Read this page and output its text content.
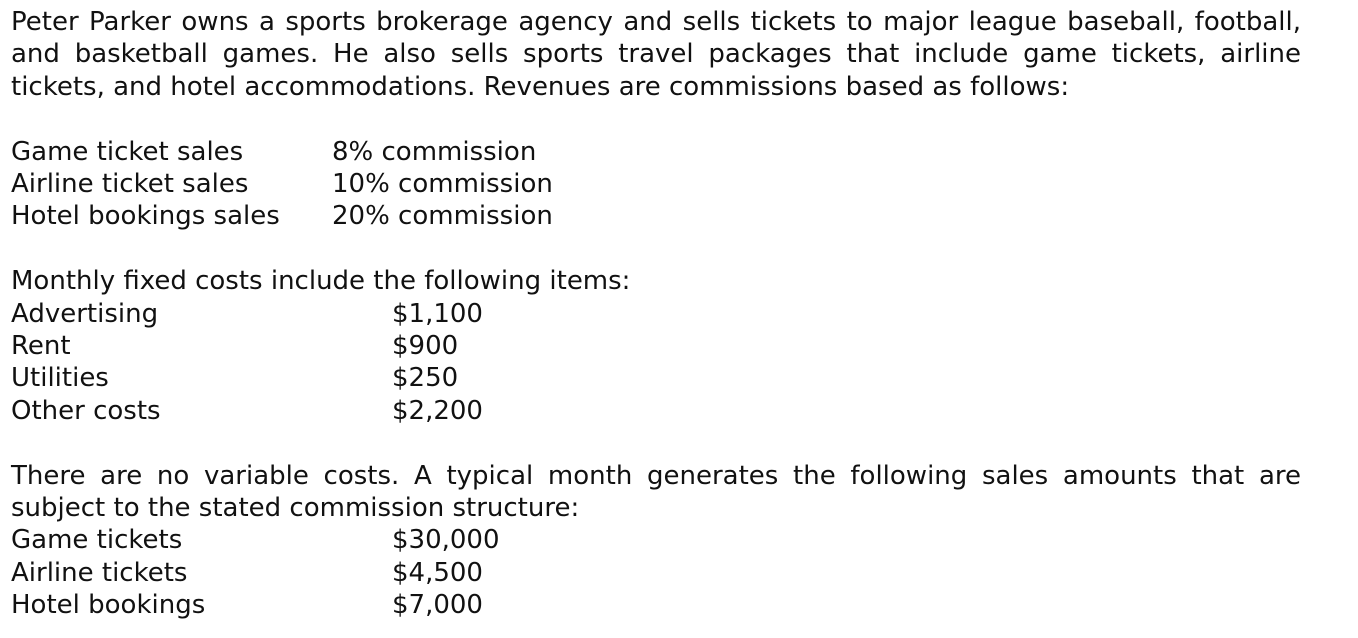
Peter Parker owns a sports brokerage agency and sells tickets to major league baseball, football, and basketball games. He also sells sports travel packages that include game tickets, airline tickets, and hotel accommodations. Revenues are commissions based as follows:

Game ticket sales	8% commission
Airline ticket sales	10% commission
Hotel bookings sales	20% commission
Monthly fixed costs include the following items:
Advertising	$1,100
Rent	$900
Utilities	$250
Other costs	$2,200

There are no variable costs. A typical month generates the following sales amounts that are subject to the stated commission structure:

Game tickets	$30,000
Airline tickets	$4,500
Hotel bookings	$7,000
